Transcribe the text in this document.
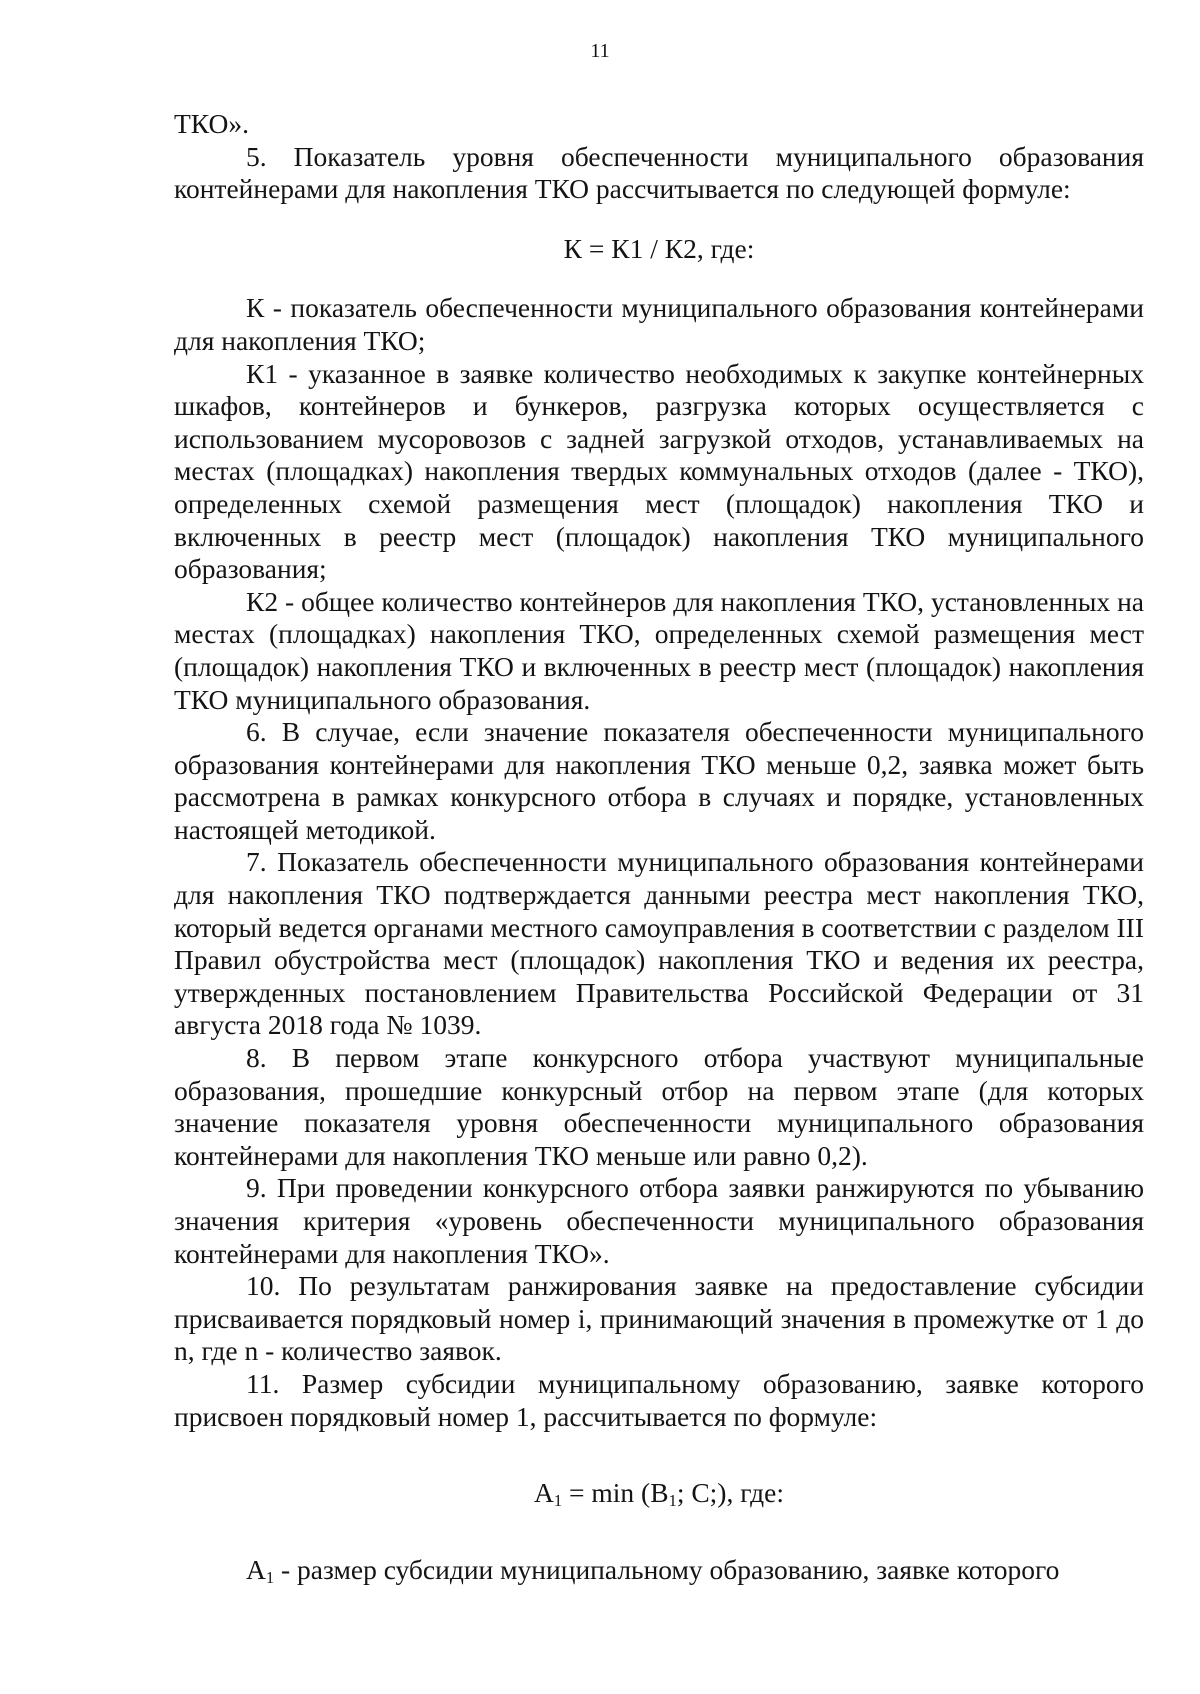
11

ТКО».

5. Показатель уровня обеспеченности муниципального образования контейнерами для накопления ТКО рассчитывается по следующей формуле:

К = К1 / К2, где:

К - показатель обеспеченности муниципального образования контейнерами для накопления ТКО;

К1 - указанное в заявке количество необходимых к закупке контейнерных шкафов, контейнеров и бункеров, разгрузка которых осуществляется с использованием мусоровозов с задней загрузкой отходов, устанавливаемых на местах (площадках) накопления твердых коммунальных отходов (далее - ТКО), определенных схемой размещения мест (площадок) накопления ТКО и включенных в реестр мест (площадок) накопления ТКО муниципального образования;

К2 - общее количество контейнеров для накопления ТКО, установленных на местах (площадках) накопления ТКО, определенных схемой размещения мест (площадок) накопления ТКО и включенных в реестр мест (площадок) накопления ТКО муниципального образования.

6. В случае, если значение показателя обеспеченности муниципального образования контейнерами для накопления ТКО меньше 0,2, заявка может быть рассмотрена в рамках конкурсного отбора в случаях и порядке, установленных настоящей методикой.

7. Показатель обеспеченности муниципального образования контейнерами для накопления ТКО подтверждается данными реестра мест накопления ТКО, который ведется органами местного самоуправления в соответствии с разделом III Правил обустройства мест (площадок) накопления ТКО и ведения их реестра, утвержденных постановлением Правительства Российской Федерации от 31 августа 2018 года № 1039.

8. В первом этапе конкурсного отбора участвуют муниципальные образования, прошедшие конкурсный отбор на первом этапе (для которых значение показателя уровня обеспеченности муниципального образования контейнерами для накопления ТКО меньше или равно 0,2).

9. При проведении конкурсного отбора заявки ранжируются по убыванию значения критерия «уровень обеспеченности муниципального образования контейнерами для накопления ТКО».

10. По результатам ранжирования заявке на предоставление субсидии присваивается порядковый номер i, принимающий значения в промежутке от 1 до n, где n - количество заявок.

11. Размер субсидии муниципальному образованию, заявке которого присвоен порядковый номер 1, рассчитывается по формуле:

$А_1 = \min (В_1$; С;), где:

$А_1$ - размер субсидии муниципальному образованию, заявке которого
